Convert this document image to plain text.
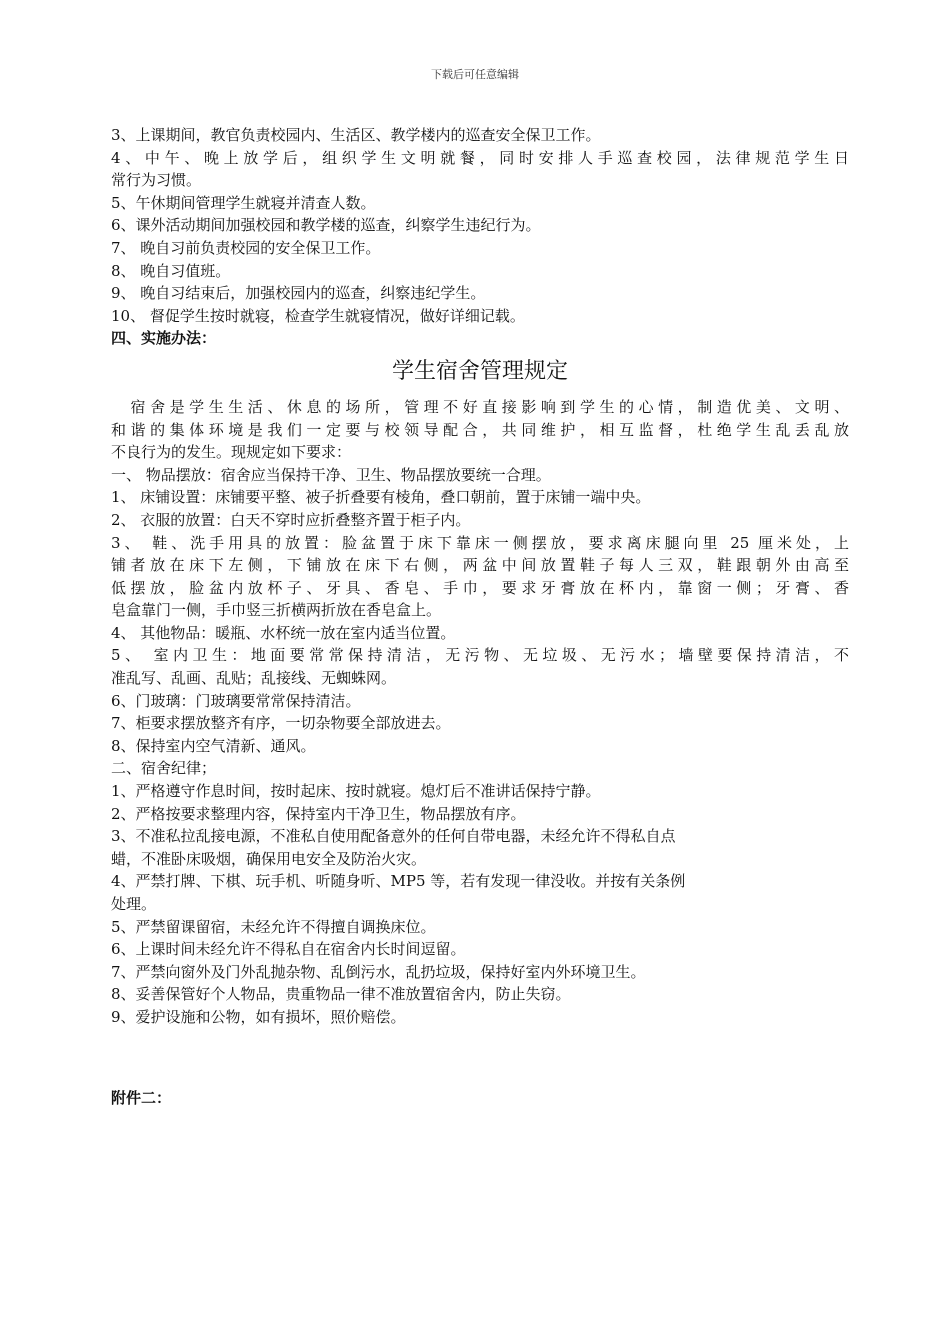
下载后可任意编辑
3、上课期间，教官负责校园内、生活区、教学楼内的巡查安全保卫工作。
4、中午、晚上放学后，组织学生文明就餐，同时安排人手巡查校园，法律规范学生日
常行为习惯。
5、午休期间管理学生就寝并清查人数。
6、课外活动期间加强校园和教学楼的巡查，纠察学生违纪行为。
7、 晚自习前负责校园的安全保卫工作。
8、 晚自习值班。
9、 晚自习结束后，加强校园内的巡查，纠察违纪学生。
10、 督促学生按时就寝，检查学生就寝情况，做好详细记载。
四、实施办法：
学生宿舍管理规定
　宿舍是学生生活、休息的场所，管理不好直接影响到学生的心情，制造优美、文明、
和谐的集体环境是我们一定要与校领导配合，共同维护，相互监督，杜绝学生乱丢乱放
不良行为的发生。现规定如下要求：
一、 物品摆放：宿舍应当保持干净、卫生、物品摆放要统一合理。
1、 床铺设置：床铺要平整、被子折叠要有棱角，叠口朝前，置于床铺一端中央。
2、 衣服的放置：白天不穿时应折叠整齐置于柜子内。
3、 鞋、洗手用具的放置：脸盆置于床下靠床一侧摆放，要求离床腿向里 25 厘米处，上
铺者放在床下左侧，下铺放在床下右侧，两盆中间放置鞋子每人三双，鞋跟朝外由高至
低摆放，脸盆内放杯子、牙具、香皂、手巾，要求牙膏放在杯内，靠窗一侧；牙膏、香
皂盒靠门一侧，手巾竖三折横两折放在香皂盒上。
4、 其他物品：暖瓶、水杯统一放在室内适当位置。
5、 室内卫生：地面要常常保持清洁，无污物、无垃圾、无污水；墙壁要保持清洁，不
准乱写、乱画、乱贴；乱接线、无蜘蛛网。
6、门玻璃：门玻璃要常常保持清洁。
7、柜要求摆放整齐有序，一切杂物要全部放进去。
8、保持室内空气清新、通风。
二、宿舍纪律；
1、严格遵守作息时间，按时起床、按时就寝。熄灯后不准讲话保持宁静。
2、严格按要求整理内容，保持室内干净卫生，物品摆放有序。
3、不准私拉乱接电源，不准私自使用配备意外的任何自带电器，未经允许不得私自点
蜡，不准卧床吸烟，确保用电安全及防治火灾。
4、严禁打牌、下棋、玩手机、听随身听、MP5 等，若有发现一律没收。并按有关条例
处理。
5、严禁留课留宿，未经允许不得擅自调换床位。
6、上课时间未经允许不得私自在宿舍内长时间逗留。
7、严禁向窗外及门外乱抛杂物、乱倒污水，乱扔垃圾，保持好室内外环境卫生。
8、妥善保管好个人物品，贵重物品一律不准放置宿舍内，防止失窃。
9、爱护设施和公物，如有损坏，照价赔偿。
附件二：
